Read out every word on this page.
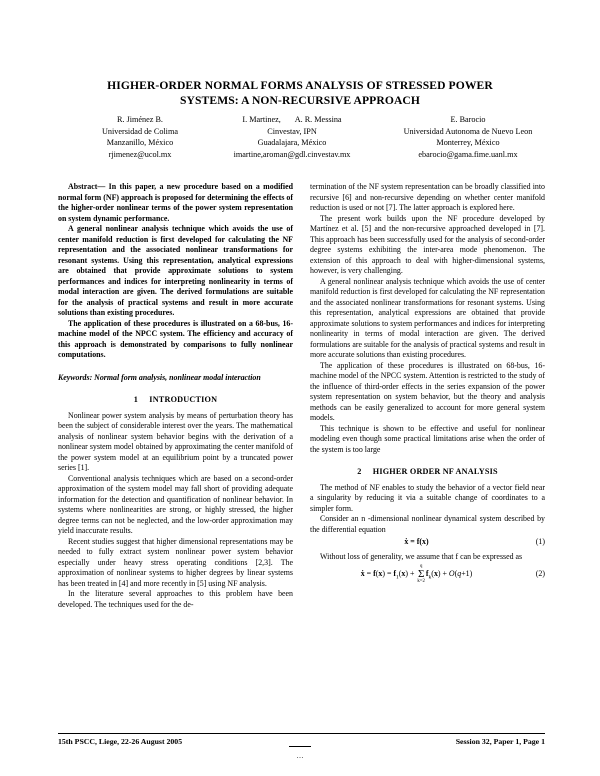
HIGHER-ORDER NORMAL FORMS ANALYSIS OF STRESSED POWER
SYSTEMS: A NON-RECURSIVE APPROACH
R. Jiménez B.
Universidad de Colima
Manzanillo, México
rjimenez@ucol.mx
I. Martinez,       A. R. Messina
Cinvestav, IPN
Guadalajara, México
imartine,aroman@gdl.cinvestav.mx
E. Barocio
Universidad Autonoma de Nuevo Leon
Monterrey, México
ebarocio@gama.fime.uanl.mx

Abstract— In this paper, a new procedure based on a modified normal form (NF) approach is proposed for determining the effects of the higher-order nonlinear terms of the power system representation on system dynamic performance.

A general nonlinear analysis technique which avoids the use of center manifold reduction is first developed for calculating the NF representation and the associated nonlinear transformations for resonant systems. Using this representation, analytical expressions are obtained that provide approximate solutions to system performances and indices for interpreting nonlinearity in terms of modal interaction are given. The derived formulations are suitable for the analysis of practical systems and result in more accurate solutions than existing procedures.

The application of these procedures is illustrated on a 68-bus, 16-machine model of the NPCC system. The efficiency and accuracy of this approach is demonstrated by comparisons to fully nonlinear computations.

Keywords: Normal form analysis, nonlinear modal interaction

1     INTRODUCTION

Nonlinear power system analysis by means of perturbation theory has been the subject of considerable interest over the years. The mathematical analysis of nonlinear system behavior begins with the derivation of a nonlinear system model obtained by approximating the center manifold of the power system model at an equilibrium point by a truncated power series [1].

Conventional analysis techniques which are based on a second-order approximation of the system model may fall short of providing adequate information for the detection and quantification of nonlinear behavior. In systems where nonlinearities are strong, or highly stressed, the higher degree terms can not be neglected, and the low-order approximation may yield inaccurate results.

Recent studies suggest that higher dimensional representations may be needed to fully extract system nonlinear power system behavior especially under heavy stress operating conditions [2,3]. The approximation of nonlinear systems to higher degrees by linear systems has been treated in [4] and more recently in [5] using NF analysis.

In the literature several approaches to this problem have been developed. The techniques used for the de-

termination of the NF system representation can be broadly classified into recursive [6] and non-recursive depending on whether center manifold reduction is used or not [7]. The latter approach is explored here.

The present work builds upon the NF procedure developed by Martínez et al. [5] and the non-recursive approached developed in [7]. This approach has been successfully used for the analysis of second-order degree systems exhibiting the inter-area mode phenomenon. The extension of this approach to deal with higher-dimensional systems, however, is very challenging.

A general nonlinear analysis technique which avoids the use of center manifold reduction is first developed for calculating the NF representation and the associated nonlinear transformations for resonant systems. Using this representation, analytical expressions are obtained that provide approximate solutions to system performances and indices for interpreting nonlinearity in terms of modal interaction are given. The derived formulations are suitable for the analysis of practical systems and result in more accurate solutions than existing procedures.

The application of these procedures is illustrated on 68-bus, 16-machine model of the NPCC system. Attention is restricted to the study of the influence of third-order effects in the series expansion of the power system representation on system behavior, but the theory and analysis methods can be easily generalized to account for more general system models.

This technique is shown to be effective and useful for nonlinear modeling even though some practical limitations arise when the order of the system is too large

2     HIGHER ORDER NF ANALYSIS

The method of NF enables to study the behavior of a vector field near a singularity by reducing it via a suitable change of coordinates to a simpler form.

Consider an n -dimensional nonlinear dynamical system described by the differential equation

ẋ = f(x)	(1)

Without loss of generality, we assume that f can be expressed as

ẋ = $f(x) = f_1(x)$ +
q
Σ
k=2
$f_k(x) + O(q+1)$	(2)
15th PSCC, Liege, 22-26 August 2005	Session 32, Paper 1, Page 1
…
